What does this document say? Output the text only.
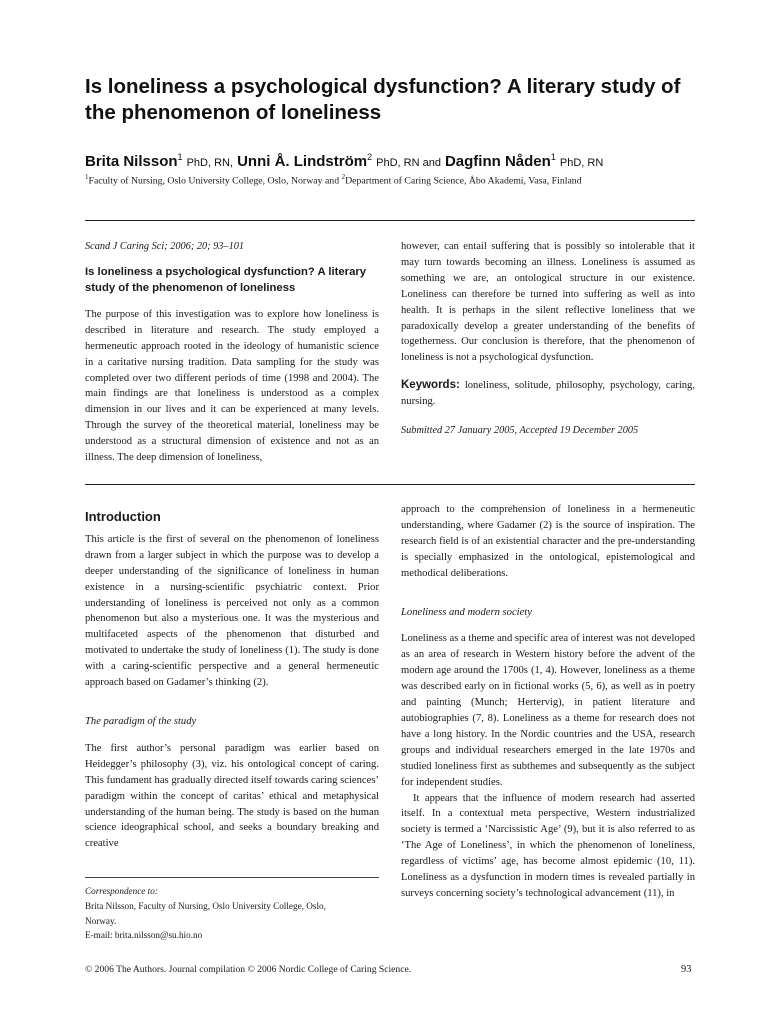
Is loneliness a psychological dysfunction? A literary study of the phenomenon of loneliness
Brita Nilsson$^1$ PhD, RN, Unni Å. Lindström$^2$ PhD, RN and Dagfinn Nåden$^1$ PhD, RN
$^1$Faculty of Nursing, Oslo University College, Oslo, Norway and $^2$Department of Caring Science, Åbo Akademi, Vasa, Finland

Scand J Caring Sci; 2006; 20; 93–101

Is loneliness a psychological dysfunction? A literary study of the phenomenon of loneliness

The purpose of this investigation was to explore how loneliness is described in literature and research. The study employed a hermeneutic approach rooted in the ideology of humanistic science in a caritative nursing tradition. Data sampling for the study was completed over two different periods of time (1998 and 2004). The main findings are that loneliness is understood as a complex dimension in our lives and it can be experienced at many levels. Through the survey of the theoretical material, loneliness may be understood as a structural dimension of existence and not as an illness. The deep dimension of loneliness,

however, can entail suffering that is possibly so intolerable that it may turn towards becoming an illness. Loneliness is assumed as something we are, an ontological structure in our existence. Loneliness can therefore be turned into suffering as well as into health. It is perhaps in the silent reflective loneliness that we paradoxically develop a greater understanding of the benefits of togetherness. Our conclusion is therefore, that the phenomenon of loneliness is not a psychological dysfunction.

Keywords: loneliness, solitude, philosophy, psychology, caring, nursing.

Submitted 27 January 2005, Accepted 19 December 2005

Introduction

This article is the first of several on the phenomenon of loneliness drawn from a larger subject in which the purpose was to develop a deeper understanding of the significance of loneliness in human existence in a nursing-scientific psychiatric context. Prior understanding of loneliness is perceived not only as a common phenomenon but also a mysterious one. It was the mysterious and multifaceted aspects of the phenomenon that disturbed and motivated to undertake the study of loneliness (1). The study is done with a caring-scientific perspective and a general hermeneutic approach based on Gadamer’s thinking (2).

The paradigm of the study

The first author’s personal paradigm was earlier based on Heidegger’s philosophy (3), viz. his ontological concept of caring. This fundament has gradually directed itself towards caring sciences’ paradigm within the concept of caritas’ ethical and metaphysical understanding of the human being. The study is based on the human science ideographical school, and seeks a boundary breaking and creative

approach to the comprehension of loneliness in a hermeneutic understanding, where Gadamer (2) is the source of inspiration. The research field is of an existential character and the pre-understanding is specially emphasized in the ontological, epistemological and methodical deliberations.

Loneliness and modern society

Loneliness as a theme and specific area of interest was not developed as an area of research in Western history before the advent of the modern age around the 1700s (1, 4). However, loneliness as a theme was described early on in fictional works (5, 6), as well as in poetry and painting (Munch; Hertervig), in patient literature and autobiographies (7, 8). Loneliness as a theme for research does not have a long history. In the Nordic countries and the USA, research groups and individual researchers emerged in the late 1970s and studied loneliness first as subthemes and subsequently as the subject for independent studies.

It appears that the influence of modern research had asserted itself. In a contextual meta perspective, Western industrialized society is termed a ‘Narcissistic Age’ (9), but it is also referred to as ‘The Age of Loneliness’, in which the phenomenon of loneliness, regardless of victims’ age, has become almost epidemic (10, 11). Loneliness as a dysfunction in modern times is revealed partially in surveys concerning society’s technological advancement (11), in

Correspondence to:
Brita Nilsson, Faculty of Nursing, Oslo University College, Oslo,
Norway.
E-mail: brita.nilsson@su.hio.no
© 2006 The Authors. Journal compilation © 2006 Nordic College of Caring Science.	93
